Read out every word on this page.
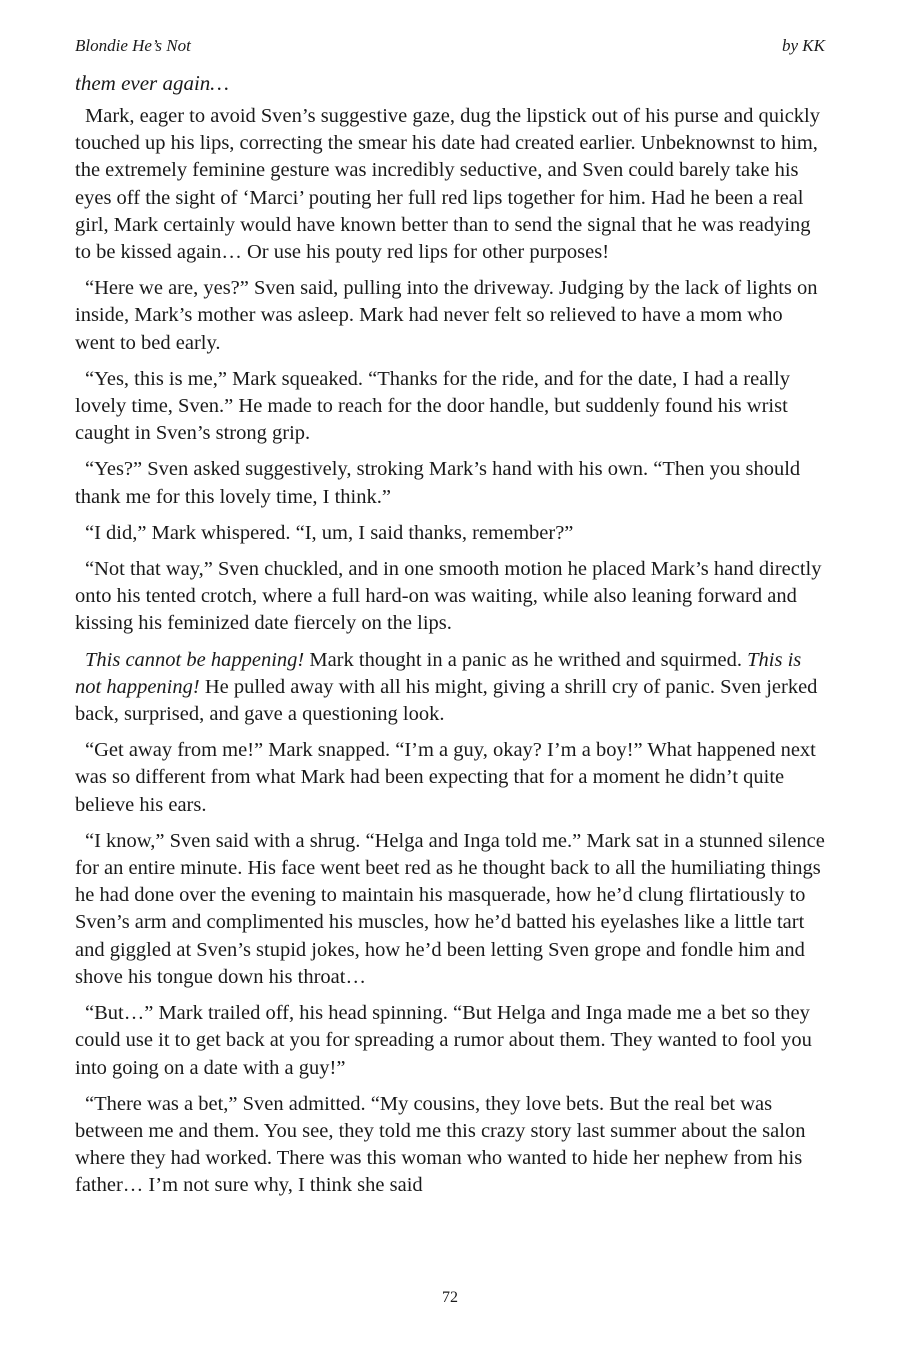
Blondie He’s Not	by KK
them ever again…

Mark, eager to avoid Sven’s suggestive gaze, dug the lipstick out of his purse and quickly touched up his lips, correcting the smear his date had created earlier. Unbeknownst to him, the extremely feminine gesture was incredibly seductive, and Sven could barely take his eyes off the sight of ‘Marci’ pouting her full red lips together for him. Had he been a real girl, Mark certainly would have known better than to send the signal that he was readying to be kissed again… Or use his pouty red lips for other purposes!

“Here we are, yes?” Sven said, pulling into the driveway. Judging by the lack of lights on inside, Mark’s mother was asleep. Mark had never felt so relieved to have a mom who went to bed early.

“Yes, this is me,” Mark squeaked. “Thanks for the ride, and for the date, I had a really lovely time, Sven.” He made to reach for the door handle, but suddenly found his wrist caught in Sven’s strong grip.

“Yes?” Sven asked suggestively, stroking Mark’s hand with his own. “Then you should thank me for this lovely time, I think.”

“I did,” Mark whispered. “I, um, I said thanks, remember?”

“Not that way,” Sven chuckled, and in one smooth motion he placed Mark’s hand directly onto his tented crotch, where a full hard-on was waiting, while also leaning forward and kissing his feminized date fiercely on the lips.

This cannot be happening! Mark thought in a panic as he writhed and squirmed. This is not happening! He pulled away with all his might, giving a shrill cry of panic. Sven jerked back, surprised, and gave a questioning look.

“Get away from me!” Mark snapped. “I’m a guy, okay? I’m a boy!” What happened next was so different from what Mark had been expecting that for a moment he didn’t quite believe his ears.

“I know,” Sven said with a shrug. “Helga and Inga told me.” Mark sat in a stunned silence for an entire minute. His face went beet red as he thought back to all the humiliating things he had done over the evening to maintain his masquerade, how he’d clung flirtatiously to Sven’s arm and complimented his muscles, how he’d batted his eyelashes like a little tart and giggled at Sven’s stupid jokes, how he’d been letting Sven grope and fondle him and shove his tongue down his throat…

“But…” Mark trailed off, his head spinning. “But Helga and Inga made me a bet so they could use it to get back at you for spreading a rumor about them. They wanted to fool you into going on a date with a guy!”

“There was a bet,” Sven admitted. “My cousins, they love bets. But the real bet was between me and them. You see, they told me this crazy story last summer about the salon where they had worked. There was this woman who wanted to hide her nephew from his father… I’m not sure why, I think she said

72
